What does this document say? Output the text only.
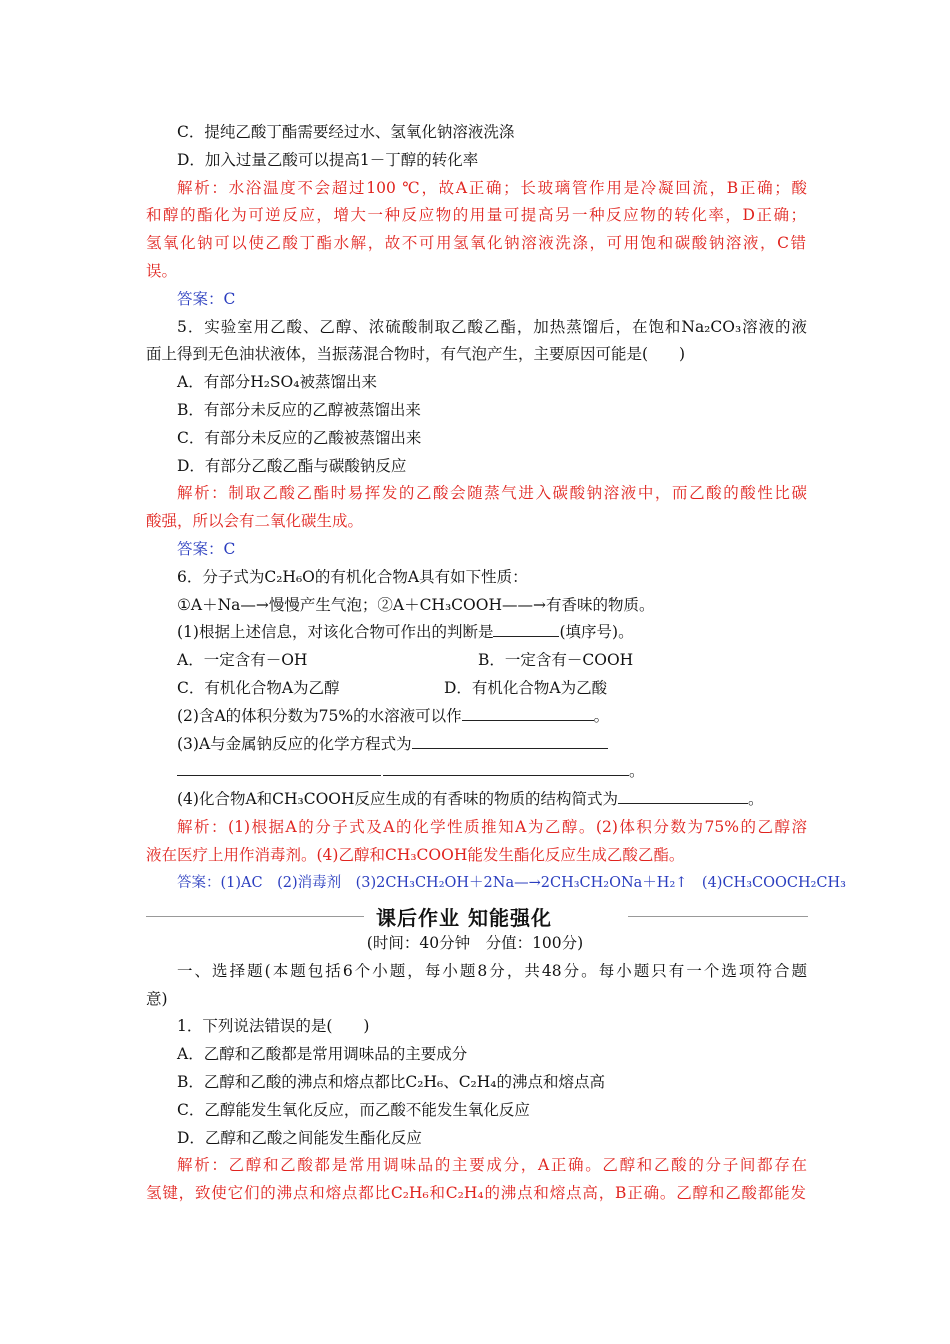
C．提纯乙酸丁酯需要经过水、氢氧化钠溶液洗涤
D．加入过量乙酸可以提高1－丁醇的转化率
解析：水浴温度不会超过100 ℃，故A正确；长玻璃管作用是冷凝回流，B正确；酸
和醇的酯化为可逆反应，增大一种反应物的用量可提高另一种反应物的转化率，D正确；
氢氧化钠可以使乙酸丁酯水解，故不可用氢氧化钠溶液洗涤，可用饱和碳酸钠溶液，C错
误。
答案：C
5．实验室用乙酸、乙醇、浓硫酸制取乙酸乙酯，加热蒸馏后，在饱和Na₂CO₃溶液的液
面上得到无色油状液体，当振荡混合物时，有气泡产生，主要原因可能是(　　)
A．有部分H₂SO₄被蒸馏出来
B．有部分未反应的乙醇被蒸馏出来
C．有部分未反应的乙酸被蒸馏出来
D．有部分乙酸乙酯与碳酸钠反应
解析：制取乙酸乙酯时易挥发的乙酸会随蒸气进入碳酸钠溶液中，而乙酸的酸性比碳
酸强，所以会有二氧化碳生成。
答案：C
6．分子式为C₂H₆O的有机化合物A具有如下性质：
①A＋Na—→慢慢产生气泡；②A＋CH₃COOH——→有香味的物质。
(1)根据上述信息，对该化合物可作出的判断是	(填序号)。
A．一定含有－OH	B．一定含有－COOH
C．有机化合物A为乙醇	D．有机化合物A为乙酸
(2)含A的体积分数为75%的水溶液可以作	。
(3)A与金属钠反应的化学方程式为
。
(4)化合物A和CH₃COOH反应生成的有香味的物质的结构简式为	。
解析：(1)根据A的分子式及A的化学性质推知A为乙醇。(2)体积分数为75%的乙醇溶
液在医疗上用作消毒剂。(4)乙醇和CH₃COOH能发生酯化反应生成乙酸乙酯。
答案：(1)AC　(2)消毒剂　(3)2CH₃CH₂OH＋2Na—→2CH₃CH₂ONa＋H₂↑　(4)CH₃COOCH₂CH₃
课后作业 知能强化
(时间：40分钟　分值：100分)
一、选择题(本题包括6个小题，每小题8分，共48分。每小题只有一个选项符合题
意)
1．下列说法错误的是(　　)
A．乙醇和乙酸都是常用调味品的主要成分
B．乙醇和乙酸的沸点和熔点都比C₂H₆、C₂H₄的沸点和熔点高
C．乙醇能发生氧化反应，而乙酸不能发生氧化反应
D．乙醇和乙酸之间能发生酯化反应
解析：乙醇和乙酸都是常用调味品的主要成分，A正确。乙醇和乙酸的分子间都存在
氢键，致使它们的沸点和熔点都比C₂H₆和C₂H₄的沸点和熔点高，B正确。乙醇和乙酸都能发
